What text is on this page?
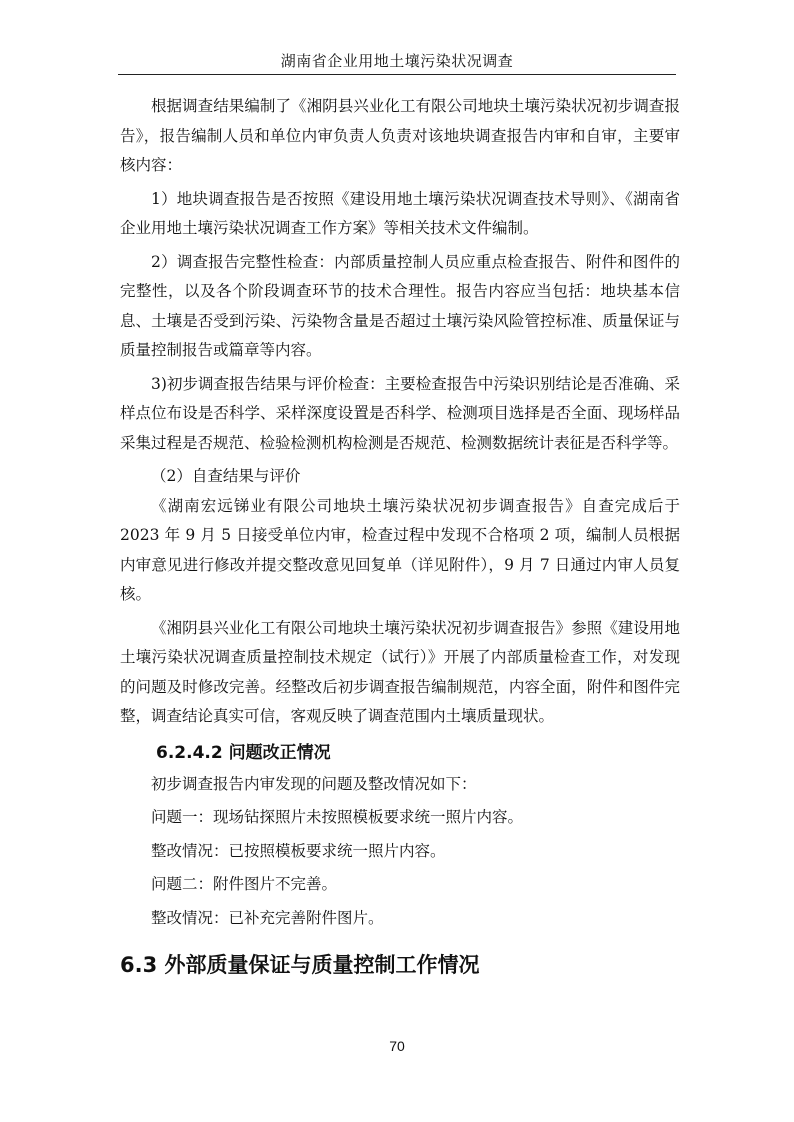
湖南省企业用地土壤污染状况调查

根据调查结果编制了《湘阴县兴业化工有限公司地块土壤污染状况初步调查报告》，报告编制人员和单位内审负责人负责对该地块调查报告内审和自审，主要审核内容：

1）地块调查报告是否按照《建设用地土壤污染状况调查技术导则》、《湖南省企业用地土壤污染状况调查工作方案》等相关技术文件编制。

2）调查报告完整性检查：内部质量控制人员应重点检查报告、附件和图件的完整性，以及各个阶段调查环节的技术合理性。报告内容应当包括：地块基本信息、土壤是否受到污染、污染物含量是否超过土壤污染风险管控标准、质量保证与质量控制报告或篇章等内容。

3)初步调查报告结果与评价检查：主要检查报告中污染识别结论是否准确、采样点位布设是否科学、采样深度设置是否科学、检测项目选择是否全面、现场样品采集过程是否规范、检验检测机构检测是否规范、检测数据统计表征是否科学等。

（2）自查结果与评价

《湖南宏远锑业有限公司地块土壤污染状况初步调查报告》自查完成后于 2023 年 9 月 5 日接受单位内审，检查过程中发现不合格项 2 项，编制人员根据内审意见进行修改并提交整改意见回复单（详见附件），9 月 7 日通过内审人员复核。

《湘阴县兴业化工有限公司地块土壤污染状况初步调查报告》参照《建设用地土壤污染状况调查质量控制技术规定（试行）》开展了内部质量检查工作，对发现的问题及时修改完善。经整改后初步调查报告编制规范，内容全面，附件和图件完整，调查结论真实可信，客观反映了调查范围内土壤质量现状。

6.2.4.2 问题改正情况

初步调查报告内审发现的问题及整改情况如下：

问题一：现场钻探照片未按照模板要求统一照片内容。

整改情况：已按照模板要求统一照片内容。

问题二：附件图片不完善。

整改情况：已补充完善附件图片。

6.3 外部质量保证与质量控制工作情况
70
